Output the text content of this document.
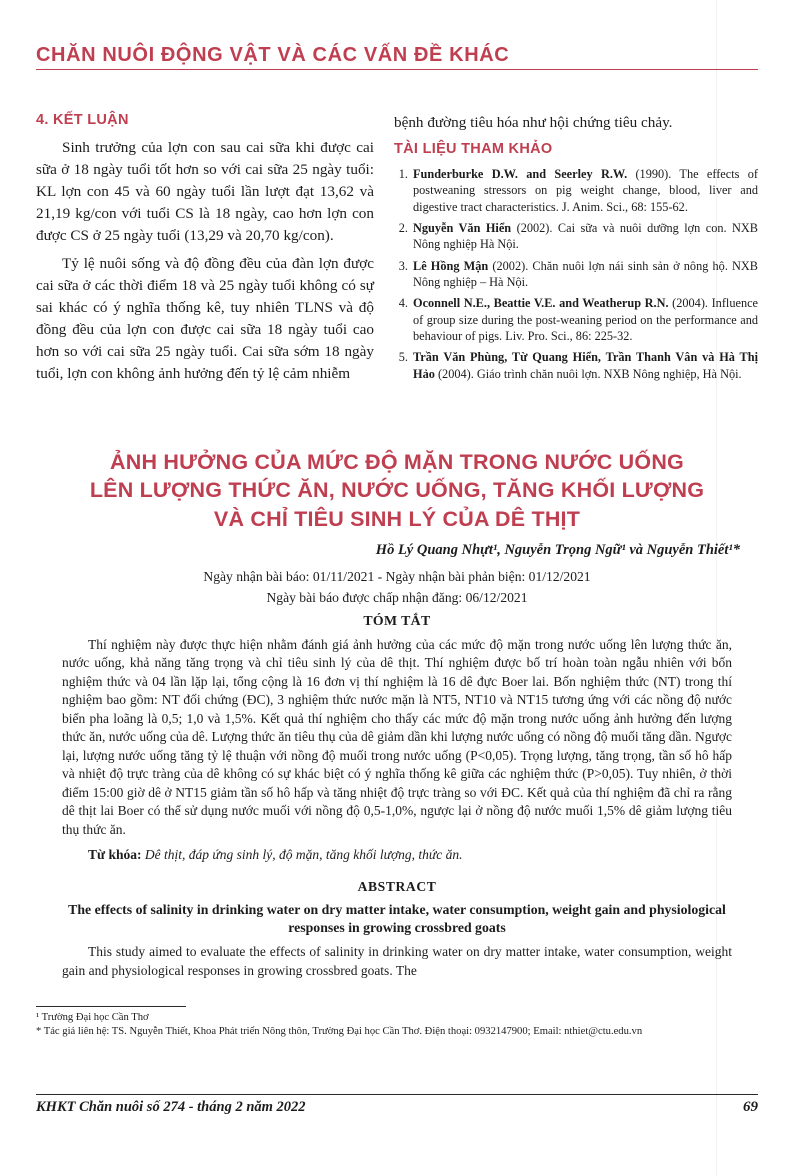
CHĂN NUÔI ĐỘNG VẬT VÀ CÁC VẤN ĐỀ KHÁC
4. KẾT LUẬN

Sinh trưởng của lợn con sau cai sữa khi được cai sữa ở 18 ngày tuổi tốt hơn so với cai sữa 25 ngày tuổi: KL lợn con 45 và 60 ngày tuổi lần lượt đạt 13,62 và 21,19 kg/con với tuổi CS là 18 ngày, cao hơn lợn con được CS ở 25 ngày tuổi (13,29 và 20,70 kg/con).

Tỷ lệ nuôi sống và độ đồng đều của đàn lợn được cai sữa ở các thời điểm 18 và 25 ngày tuổi không có sự sai khác có ý nghĩa thống kê, tuy nhiên TLNS và độ đồng đều của lợn con được cai sữa 18 ngày tuổi cao hơn so với cai sữa 25 ngày tuổi. Cai sữa sớm 18 ngày tuổi, lợn con không ảnh hưởng đến tỷ lệ cảm nhiễm

bệnh đường tiêu hóa như hội chứng tiêu chảy.

TÀI LIỆU THAM KHẢO
1. Funderburke D.W. and Seerley R.W. (1990). The effects of postweaning stressors on pig weight change, blood, liver and digestive tract characteristics. J. Anim. Sci., 68: 155-62.
2. Nguyễn Văn Hiển (2002). Cai sữa và nuôi dưỡng lợn con. NXB Nông nghiệp Hà Nội.
3. Lê Hồng Mận (2002). Chăn nuôi lợn nái sinh sản ở nông hộ. NXB Nông nghiệp – Hà Nội.
4. Oconnell N.E., Beattie V.E. and Weatherup R.N. (2004). Influence of group size during the post-weaning period on the performance and behaviour of pigs. Liv. Pro. Sci., 86: 225-32.
5. Trần Văn Phùng, Từ Quang Hiển, Trần Thanh Vân và Hà Thị Hảo (2004). Giáo trình chăn nuôi lợn. NXB Nông nghiệp, Hà Nội.
ẢNH HƯỞNG CỦA MỨC ĐỘ MẶN TRONG NƯỚC UỐNG
LÊN LƯỢNG THỨC ĂN, NƯỚC UỐNG, TĂNG KHỐI LƯỢNG
VÀ CHỈ TIÊU SINH LÝ CỦA DÊ THỊT
Hồ Lý Quang Nhựt¹, Nguyễn Trọng Ngữ¹ và Nguyễn Thiết¹*
Ngày nhận bài báo: 01/11/2021 - Ngày nhận bài phản biện: 01/12/2021
Ngày bài báo được chấp nhận đăng: 06/12/2021
TÓM TẮT

Thí nghiệm này được thực hiện nhằm đánh giá ảnh hưởng của các mức độ mặn trong nước uống lên lượng thức ăn, nước uống, khả năng tăng trọng và chỉ tiêu sinh lý của dê thịt. Thí nghiệm được bố trí hoàn toàn ngẫu nhiên với bốn nghiệm thức và 04 lần lặp lại, tổng cộng là 16 đơn vị thí nghiệm là 16 dê đực Boer lai. Bốn nghiệm thức (NT) trong thí nghiệm bao gồm: NT đối chứng (ĐC), 3 nghiệm thức nước mặn là NT5, NT10 và NT15 tương ứng với các nồng độ nước biển pha loãng là 0,5; 1,0 và 1,5%. Kết quả thí nghiệm cho thấy các mức độ mặn trong nước uống ảnh hưởng đến lượng thức ăn, nước uống của dê. Lượng thức ăn tiêu thụ của dê giảm dần khi lượng nước uống có nồng độ muối tăng dần. Ngược lại, lượng nước uống tăng tỷ lệ thuận với nồng độ muối trong nước uống (P<0,05). Trọng lượng, tăng trọng, tần số hô hấp và nhiệt độ trực tràng của dê không có sự khác biệt có ý nghĩa thống kê giữa các nghiệm thức (P>0,05). Tuy nhiên, ở thời điểm 15:00 giờ dê ở NT15 giảm tần số hô hấp và tăng nhiệt độ trực tràng so với ĐC. Kết quả của thí nghiệm đã chỉ ra rằng dê thịt lai Boer có thể sử dụng nước muối với nồng độ 0,5-1,0%, ngược lại ở nồng độ nước muối 1,5% dê giảm lượng tiêu thụ thức ăn.

Từ khóa: Dê thịt, đáp ứng sinh lý, độ mặn, tăng khối lượng, thức ăn.

ABSTRACT
The effects of salinity in drinking water on dry matter intake, water consumption, weight gain and physiological responses in growing crossbred goats

This study aimed to evaluate the effects of salinity in drinking water on dry matter intake, water consumption, weight gain and physiological responses in growing crossbred goats. The

¹ Trường Đại học Cần Thơ

* Tác giả liên hệ: TS. Nguyễn Thiết, Khoa Phát triển Nông thôn, Trường Đại học Cần Thơ. Điện thoại: 0932147900; Email: nthiet@ctu.edu.vn

KHKT Chăn nuôi số 274 - tháng 2 năm 2022	69
